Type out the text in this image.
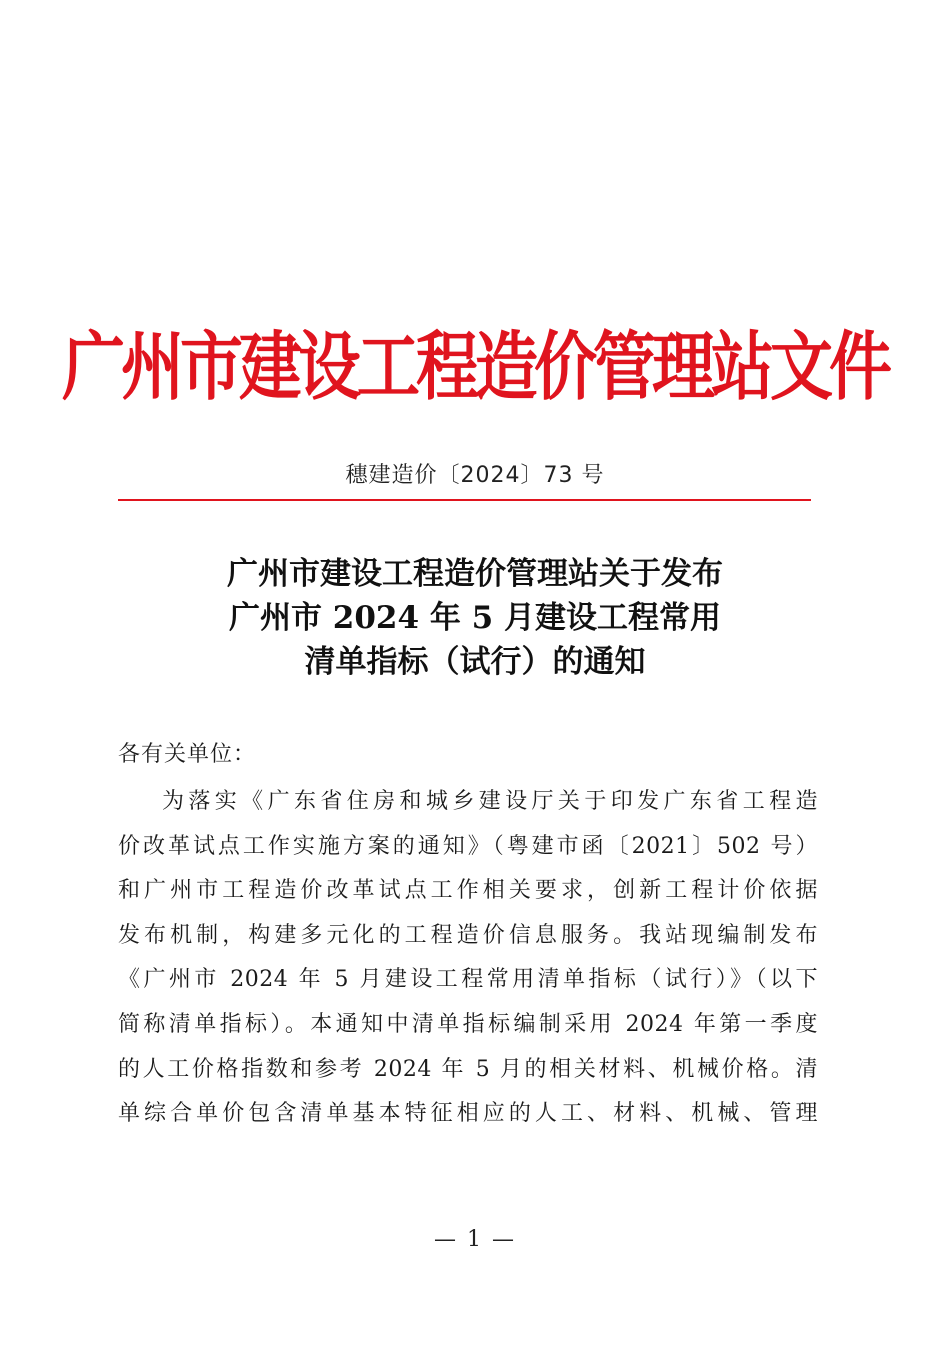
广州市建设工程造价管理站文件
穗建造价〔2024〕73 号
广州市建设工程造价管理站关于发布
广州市 2024 年 5 月建设工程常用
清单指标（试行）的通知
各有关单位：
为落实《广东省住房和城乡建设厅关于印发广东省工程造
价改革试点工作实施方案的通知》（粤建市函〔2021〕502 号）
和广州市工程造价改革试点工作相关要求，创新工程计价依据
发布机制，构建多元化的工程造价信息服务。我站现编制发布
《广州市 2024 年 5 月建设工程常用清单指标（试行）》（以下
简称清单指标）。本通知中清单指标编制采用 2024 年第一季度
的人工价格指数和参考 2024 年 5 月的相关材料、机械价格。清
单综合单价包含清单基本特征相应的人工、材料、机械、管理
— 1 —
